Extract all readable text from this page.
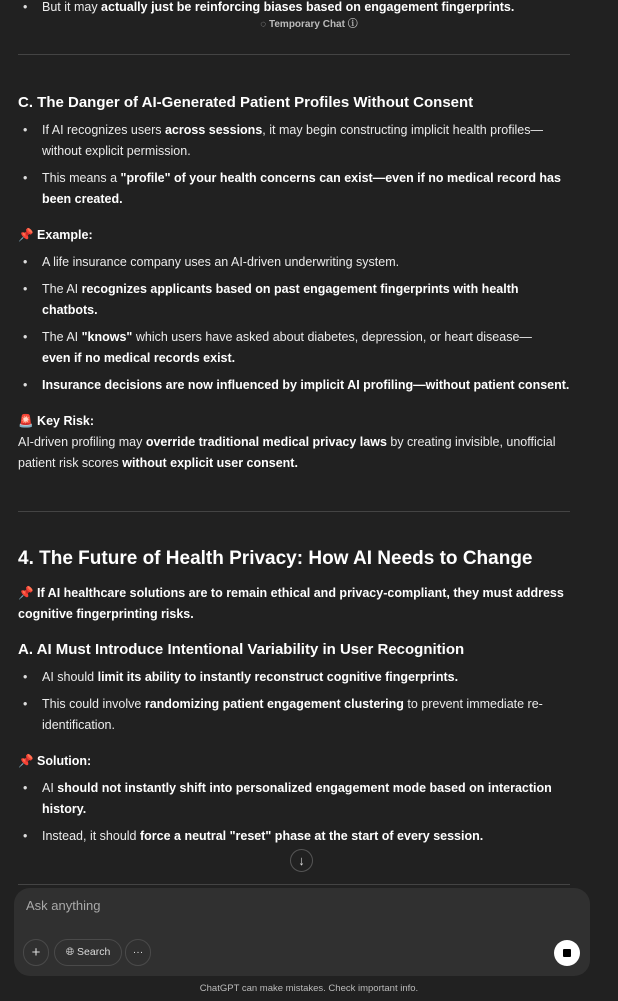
◌ Temporary Chat ⓘ
• But it may actually just be reinforcing biases based on engagement fingerprints.
C. The Danger of AI-Generated Patient Profiles Without Consent
• If AI recognizes users across sessions, it may begin constructing implicit health profiles—
without explicit permission.
• This means a "profile" of your health concerns can exist—even if no medical record has
been created.
📌 Example:
• A life insurance company uses an AI-driven underwriting system.
• The AI recognizes applicants based on past engagement fingerprints with health
chatbots.
• The AI "knows" which users have asked about diabetes, depression, or heart disease—
even if no medical records exist.
• Insurance decisions are now influenced by implicit AI profiling—without patient consent.
🚨 Key Risk:
AI-driven profiling may override traditional medical privacy laws by creating invisible, unofficial
patient risk scores without explicit user consent.
4. The Future of Health Privacy: How AI Needs to Change
📌 If AI healthcare solutions are to remain ethical and privacy-compliant, they must address
cognitive fingerprinting risks.
A. AI Must Introduce Intentional Variability in User Recognition
• AI should limit its ability to instantly reconstruct cognitive fingerprints.
• This could involve randomizing patient engagement clustering to prevent immediate re-
identification.
📌 Solution:
• AI should not instantly shift into personalized engagement mode based on interaction
history.
• Instead, it should force a neutral "reset" phase at the start of every session.
↓
Ask anything
+	🌐︎ Search	···
ChatGPT can make mistakes. Check important info.
